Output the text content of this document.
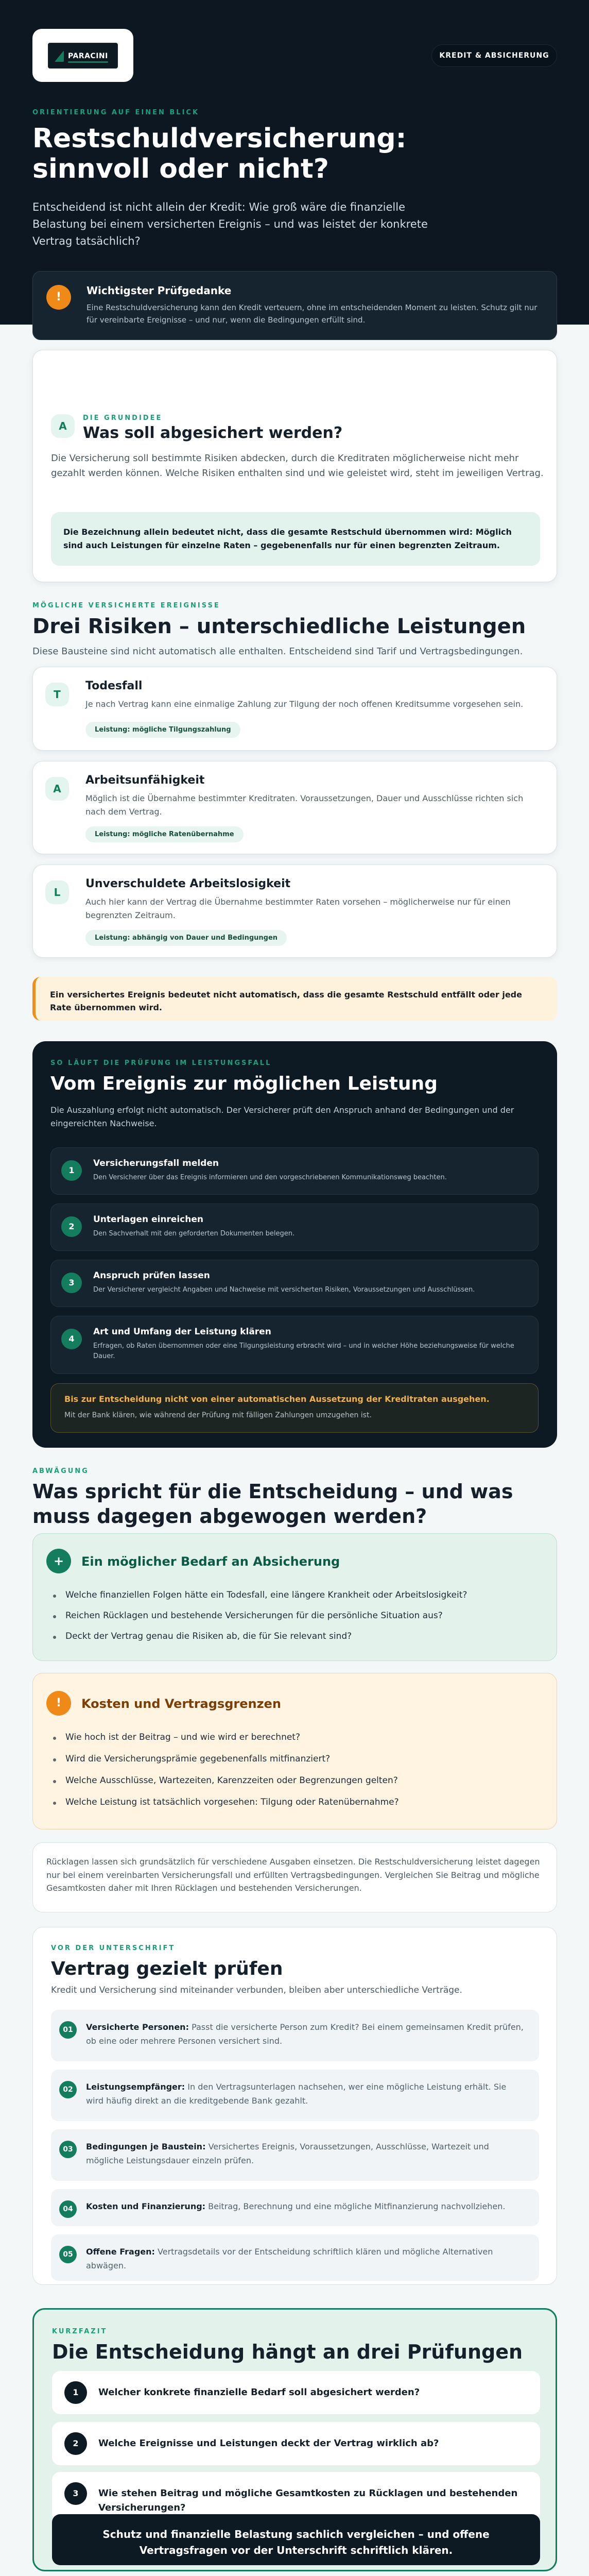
PARACINI	KREDIT & ABSICHERUNG
ORIENTIERUNG AUF EINEN BLICK
Restschuldversicherung:
sinnvoll oder nicht?

Entscheidend ist nicht allein der Kredit: Wie groß wäre die finanzielle Belastung bei einem versicherten Ereignis – und was leistet der konkrete Vertrag tatsächlich?

!	Wichtigster Prüfgedanke

Eine Restschuldversicherung kann den Kredit verteuern, ohne im entscheidenden Moment zu leisten. Schutz gilt nur für vereinbarte Ereignisse – und nur, wenn die Bedingungen erfüllt sind.

A
DIE GRUNDIDEE
Was soll abgesichert werden?

Die Versicherung soll bestimmte Risiken abdecken, durch die Kreditraten möglicherweise nicht mehr gezahlt werden können. Welche Risiken enthalten sind und wie geleistet wird, steht im jeweiligen Vertrag.

Die Bezeichnung allein bedeutet nicht, dass die gesamte Restschuld übernommen wird: Möglich sind auch Leistungen für einzelne Raten – gegebenenfalls nur für einen begrenzten Zeitraum.
MÖGLICHE VERSICHERTE EREIGNISSE
Drei Risiken – unterschiedliche Leistungen

Diese Bausteine sind nicht automatisch alle enthalten. Entscheidend sind Tarif und Vertragsbedingungen.

T
Todesfall

Je nach Vertrag kann eine einmalige Zahlung zur Tilgung der noch offenen Kreditsumme vorgesehen sein.

Leistung: mögliche Tilgungszahlung
A
Arbeitsunfähigkeit

Möglich ist die Übernahme bestimmter Kreditraten. Voraussetzungen, Dauer und Ausschlüsse richten sich nach dem Vertrag.

Leistung: mögliche Ratenübernahme
L
Unverschuldete Arbeitslosigkeit

Auch hier kann der Vertrag die Übernahme bestimmter Raten vorsehen – möglicherweise nur für einen begrenzten Zeitraum.

Leistung: abhängig von Dauer und Bedingungen
Ein versichertes Ereignis bedeutet nicht automatisch, dass die gesamte Restschuld entfällt oder jede Rate übernommen wird.
SO LÄUFT DIE PRÜFUNG IM LEISTUNGSFALL
Vom Ereignis zur möglichen Leistung

Die Auszahlung erfolgt nicht automatisch. Der Versicherer prüft den Anspruch anhand der Bedingungen und der eingereichten Nachweise.

1
Versicherungsfall melden

Den Versicherer über das Ereignis informieren und den vorgeschriebenen Kommunikationsweg beachten.

2
Unterlagen einreichen

Den Sachverhalt mit den geforderten Dokumenten belegen.

3
Anspruch prüfen lassen

Der Versicherer vergleicht Angaben und Nachweise mit versicherten Risiken, Voraussetzungen und Ausschlüssen.

4
Art und Umfang der Leistung klären

Erfragen, ob Raten übernommen oder eine Tilgungsleistung erbracht wird – und in welcher Höhe beziehungsweise für welche Dauer.

Bis zur Entscheidung nicht von einer automatischen Aussetzung der Kreditraten ausgehen.
Mit der Bank klären, wie während der Prüfung mit fälligen Zahlungen umzugehen ist.
ABWÄGUNG
Was spricht für die Entscheidung – und was muss dagegen abgewogen werden?
+	Ein möglicher Bedarf an Absicherung
Welche finanziellen Folgen hätte ein Todesfall, eine längere Krankheit oder Arbeitslosigkeit?
Reichen Rücklagen und bestehende Versicherungen für die persönliche Situation aus?
Deckt der Vertrag genau die Risiken ab, die für Sie relevant sind?
!	Kosten und Vertragsgrenzen
Wie hoch ist der Beitrag – und wie wird er berechnet?
Wird die Versicherungsprämie gegebenenfalls mitfinanziert?
Welche Ausschlüsse, Wartezeiten, Karenzzeiten oder Begrenzungen gelten?
Welche Leistung ist tatsächlich vorgesehen: Tilgung oder Ratenübernahme?

Rücklagen lassen sich grundsätzlich für verschiedene Ausgaben einsetzen. Die Restschuldversicherung leistet dagegen nur bei einem vereinbarten Versicherungsfall und erfüllten Vertragsbedingungen. Vergleichen Sie Beitrag und mögliche Gesamtkosten daher mit Ihren Rücklagen und bestehenden Versicherungen.

VOR DER UNTERSCHRIFT
Vertrag gezielt prüfen

Kredit und Versicherung sind miteinander verbunden, bleiben aber unterschiedliche Verträge.

01	Versicherte Personen: Passt die versicherte Person zum Kredit? Bei einem gemeinsamen Kredit prüfen, ob eine oder mehrere Personen versichert sind.

02	Leistungsempfänger: In den Vertragsunterlagen nachsehen, wer eine mögliche Leistung erhält. Sie wird häufig direkt an die kreditgebende Bank gezahlt.

03	Bedingungen je Baustein: Versichertes Ereignis, Voraussetzungen, Ausschlüsse, Wartezeit und mögliche Leistungsdauer einzeln prüfen.

04	Kosten und Finanzierung: Beitrag, Berechnung und eine mögliche Mitfinanzierung nachvollziehen.

05	Offene Fragen: Vertragsdetails vor der Entscheidung schriftlich klären und mögliche Alternativen abwägen.

KURZFAZIT
Die Entscheidung hängt an drei Prüfungen
1	Welcher konkrete finanzielle Bedarf soll abgesichert werden?

2	Welche Ereignisse und Leistungen deckt der Vertrag wirklich ab?

3	Wie stehen Beitrag und mögliche Gesamtkosten zu Rücklagen und bestehenden Versicherungen?

Schutz und finanzielle Belastung sachlich vergleichen – und offene Vertragsfragen vor der Unterschrift schriftlich klären.
